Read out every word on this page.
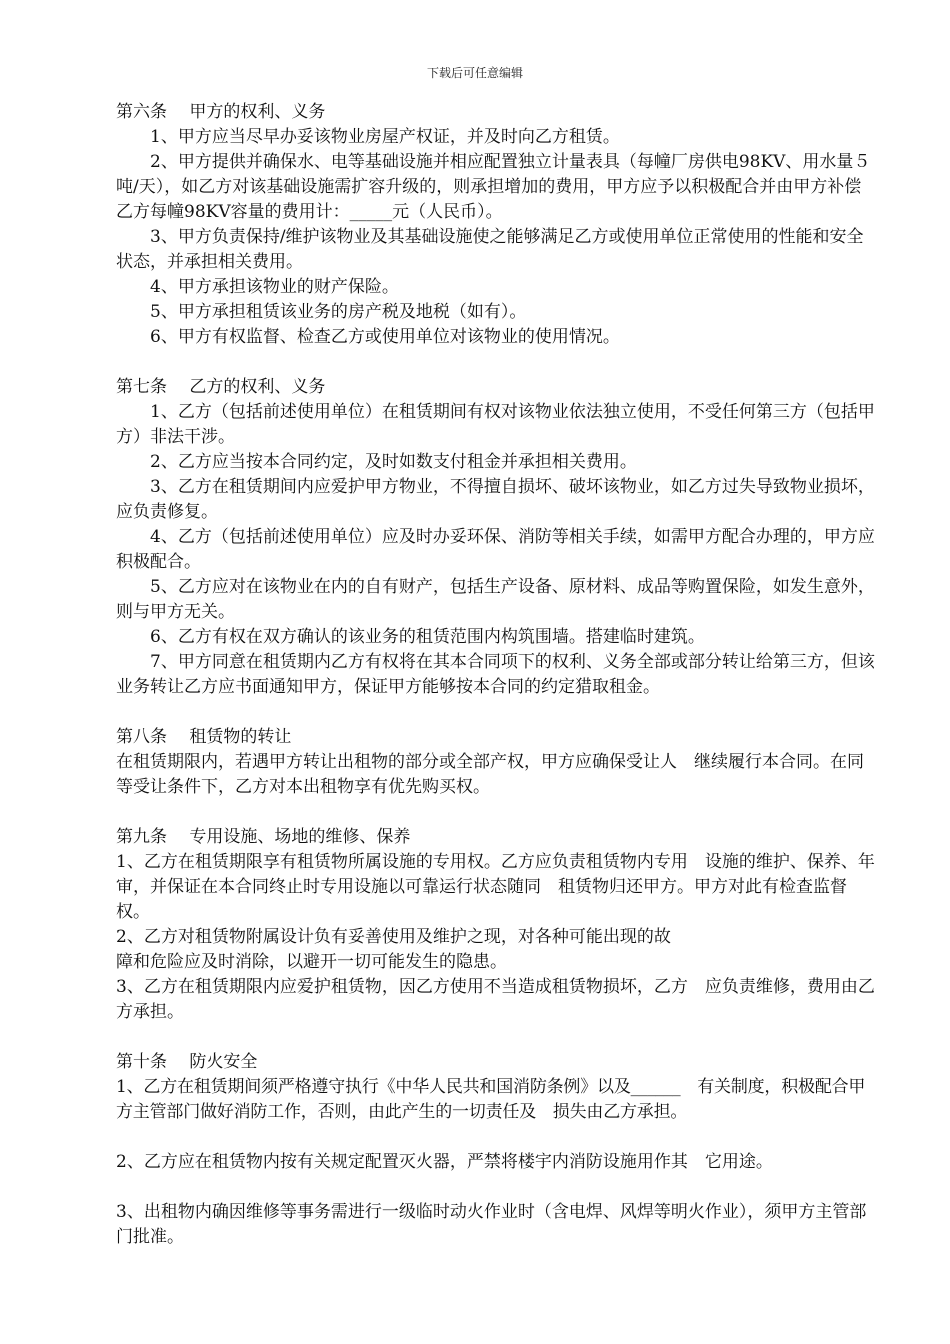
下载后可任意编辑

第六条　 甲方的权利、义务

1、甲方应当尽早办妥该物业房屋产权证，并及时向乙方租赁。

2、甲方提供并确保水、电等基础设施并相应配置独立计量表具（每幢厂房供电98KV、用水量５吨/天），如乙方对该基础设施需扩容升级的，则承担增加的费用，甲方应予以积极配合并由甲方补偿乙方每幢98KV容量的费用计：_____元（人民币）。

3、甲方负责保持/维护该物业及其基础设施使之能够满足乙方或使用单位正常使用的性能和安全状态，并承担相关费用。

4、甲方承担该物业的财产保险。

5、甲方承担租赁该业务的房产税及地税（如有）。

6、甲方有权监督、检查乙方或使用单位对该物业的使用情况。

第七条　 乙方的权利、义务

1、乙方（包括前述使用单位）在租赁期间有权对该物业依法独立使用，不受任何第三方（包括甲方）非法干涉。

2、乙方应当按本合同约定，及时如数支付租金并承担相关费用。

3、乙方在租赁期间内应爱护甲方物业，不得擅自损坏、破坏该物业，如乙方过失导致物业损坏，应负责修复。

4、乙方（包括前述使用单位）应及时办妥环保、消防等相关手续，如需甲方配合办理的，甲方应积极配合。

5、乙方应对在该物业在内的自有财产，包括生产设备、原材料、成品等购置保险，如发生意外，则与甲方无关。

6、乙方有权在双方确认的该业务的租赁范围内构筑围墙。搭建临时建筑。

7、甲方同意在租赁期内乙方有权将在其本合同项下的权利、义务全部或部分转让给第三方，但该业务转让乙方应书面通知甲方，保证甲方能够按本合同的约定猎取租金。

第八条　 租赁物的转让

在租赁期限内，若遇甲方转让出租物的部分或全部产权，甲方应确保受让人　继续履行本合同。在同等受让条件下，乙方对本出租物享有优先购买权。

第九条　 专用设施、场地的维修、保养

1、乙方在租赁期限享有租赁物所属设施的专用权。乙方应负责租赁物内专用　设施的维护、保养、年审，并保证在本合同终止时专用设施以可靠运行状态随同　租赁物归还甲方。甲方对此有检查监督权。

2、乙方对租赁物附属设计负有妥善使用及维护之现，对各种可能出现的故

障和危险应及时消除，以避开一切可能发生的隐患。

3、乙方在租赁期限内应爱护租赁物，因乙方使用不当造成租赁物损坏，乙方　应负责维修，费用由乙方承担。

第十条　 防火安全

1、乙方在租赁期间须严格遵守执行《中华人民共和国消防条例》以及______　有关制度，积极配合甲方主管部门做好消防工作，否则，由此产生的一切责任及　损失由乙方承担。

2、乙方应在租赁物内按有关规定配置灭火器，严禁将楼宇内消防设施用作其　它用途。

3、出租物内确因维修等事务需进行一级临时动火作业时（含电焊、风焊等明火作业），须甲方主管部门批准。
